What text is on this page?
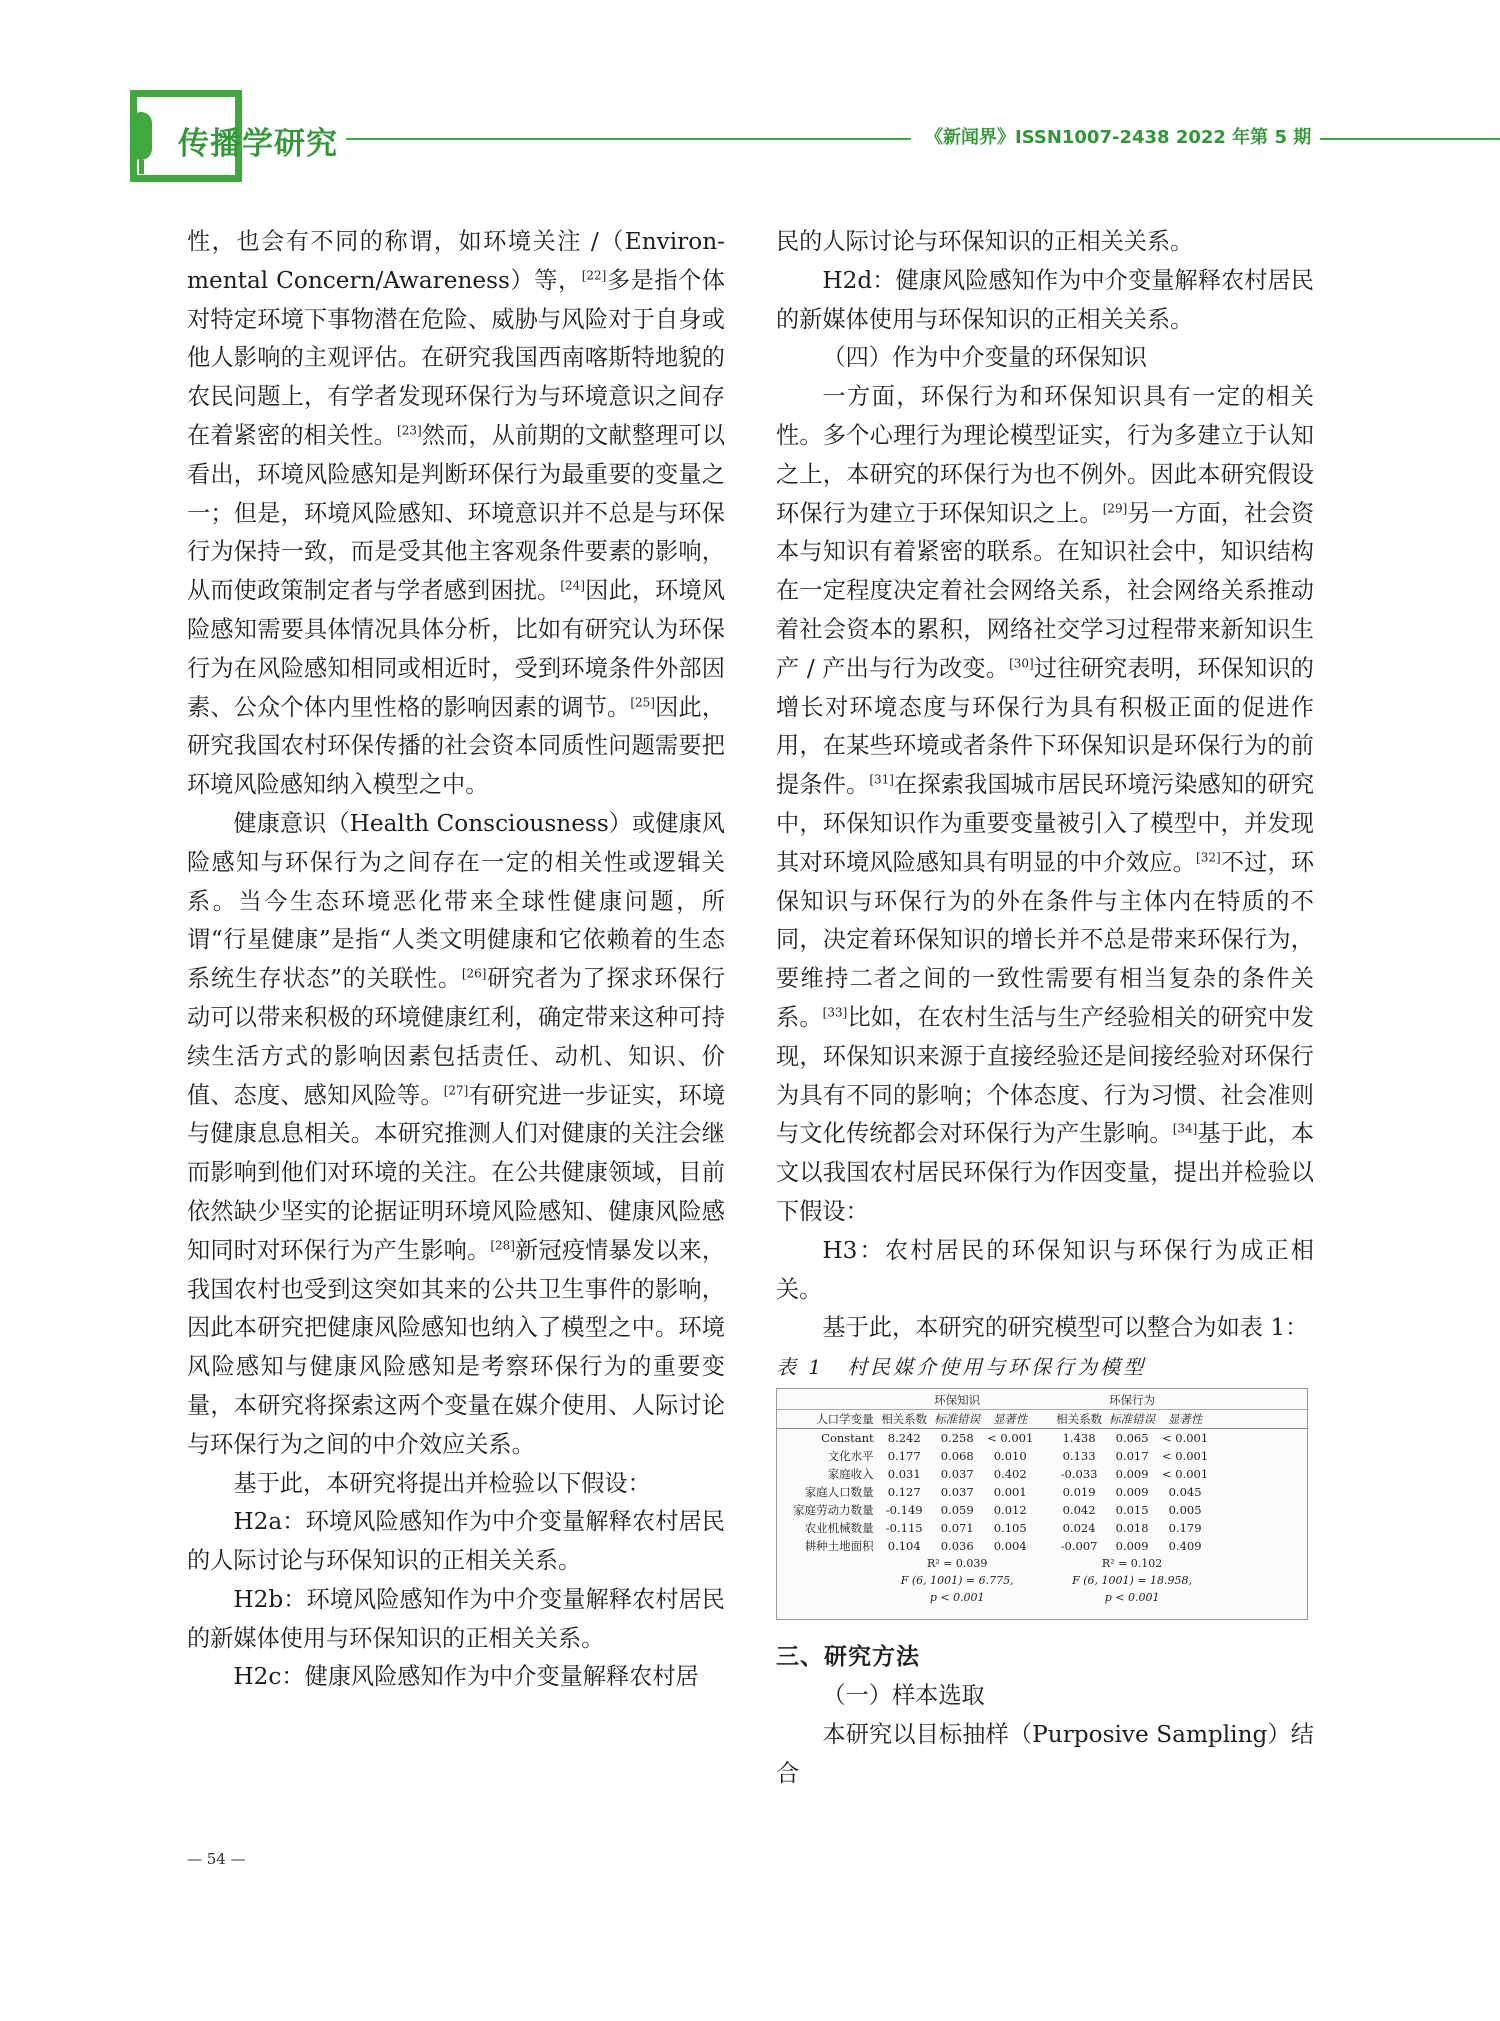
传播学研究	《新闻界》ISSN1007-2438 2022 年第 5 期

性，也会有不同的称谓，如环境关注 /（Environ-mental Concern/Awareness）等，[22]多是指个体对特定环境下事物潜在危险、威胁与风险对于自身或他人影响的主观评估。在研究我国西南喀斯特地貌的农民问题上，有学者发现环保行为与环境意识之间存在着紧密的相关性。[23]然而，从前期的文献整理可以看出，环境风险感知是判断环保行为最重要的变量之一；但是，环境风险感知、环境意识并不总是与环保行为保持一致，而是受其他主客观条件要素的影响，从而使政策制定者与学者感到困扰。[24]因此，环境风险感知需要具体情况具体分析，比如有研究认为环保行为在风险感知相同或相近时，受到环境条件外部因素、公众个体内里性格的影响因素的调节。[25]因此，研究我国农村环保传播的社会资本同质性问题需要把环境风险感知纳入模型之中。

健康意识（Health Consciousness）或健康风险感知与环保行为之间存在一定的相关性或逻辑关系。当今生态环境恶化带来全球性健康问题，所谓“行星健康”是指“人类文明健康和它依赖着的生态系统生存状态”的关联性。[26]研究者为了探求环保行动可以带来积极的环境健康红利，确定带来这种可持续生活方式的影响因素包括责任、动机、知识、价值、态度、感知风险等。[27]有研究进一步证实，环境与健康息息相关。本研究推测人们对健康的关注会继而影响到他们对环境的关注。在公共健康领域，目前依然缺少坚实的论据证明环境风险感知、健康风险感知同时对环保行为产生影响。[28]新冠疫情暴发以来，我国农村也受到这突如其来的公共卫生事件的影响，因此本研究把健康风险感知也纳入了模型之中。环境风险感知与健康风险感知是考察环保行为的重要变量，本研究将探索这两个变量在媒介使用、人际讨论与环保行为之间的中介效应关系。

基于此，本研究将提出并检验以下假设：

H2a：环境风险感知作为中介变量解释农村居民的人际讨论与环保知识的正相关关系。

H2b：环境风险感知作为中介变量解释农村居民的新媒体使用与环保知识的正相关关系。

H2c：健康风险感知作为中介变量解释农村居

民的人际讨论与环保知识的正相关关系。

H2d：健康风险感知作为中介变量解释农村居民的新媒体使用与环保知识的正相关关系。

（四）作为中介变量的环保知识

一方面，环保行为和环保知识具有一定的相关性。多个心理行为理论模型证实，行为多建立于认知之上，本研究的环保行为也不例外。因此本研究假设环保行为建立于环保知识之上。[29]另一方面，社会资本与知识有着紧密的联系。在知识社会中，知识结构在一定程度决定着社会网络关系，社会网络关系推动着社会资本的累积，网络社交学习过程带来新知识生产 / 产出与行为改变。[30]过往研究表明，环保知识的增长对环境态度与环保行为具有积极正面的促进作用，在某些环境或者条件下环保知识是环保行为的前提条件。[31]在探索我国城市居民环境污染感知的研究中，环保知识作为重要变量被引入了模型中，并发现其对环境风险感知具有明显的中介效应。[32]不过，环保知识与环保行为的外在条件与主体内在特质的不同，决定着环保知识的增长并不总是带来环保行为，要维持二者之间的一致性需要有相当复杂的条件关系。[33]比如，在农村生活与生产经验相关的研究中发现，环保知识来源于直接经验还是间接经验对环保行为具有不同的影响；个体态度、行为习惯、社会准则与文化传统都会对环保行为产生影响。[34]基于此，本文以我国农村居民环保行为作因变量，提出并检验以下假设：

H3：农村居民的环保知识与环保行为成正相关。

基于此，本研究的研究模型可以整合为如表 1：

表 1　村民媒介使用与环保行为模型
	环保知识				环保行为			
人口学变量	相关系数	标准错误	显著性		相关系数	标准错误	显著性	
Constant	8.242	0.258	< 0.001		1.438	0.065	< 0.001	
文化水平	0.177	0.068	0.010		0.133	0.017	< 0.001	
家庭收入	0.031	0.037	0.402		-0.033	0.009	< 0.001	
家庭人口数量	0.127	0.037	0.001		0.019	0.009	0.045	
家庭劳动力数量	-0.149	0.059	0.012		0.042	0.015	0.005	
农业机械数量	-0.115	0.071	0.105		0.024	0.018	0.179	
耕种土地面积	0.104	0.036	0.004		-0.007	0.009	0.409	
	R² = 0.039				R² = 0.102			
	F (6, 1001) = 6.775,				F (6, 1001) = 18.958,			
	p < 0.001				p < 0.001			

三、研究方法

（一）样本选取

本研究以目标抽样（Purposive Sampling）结合

— 54 —
